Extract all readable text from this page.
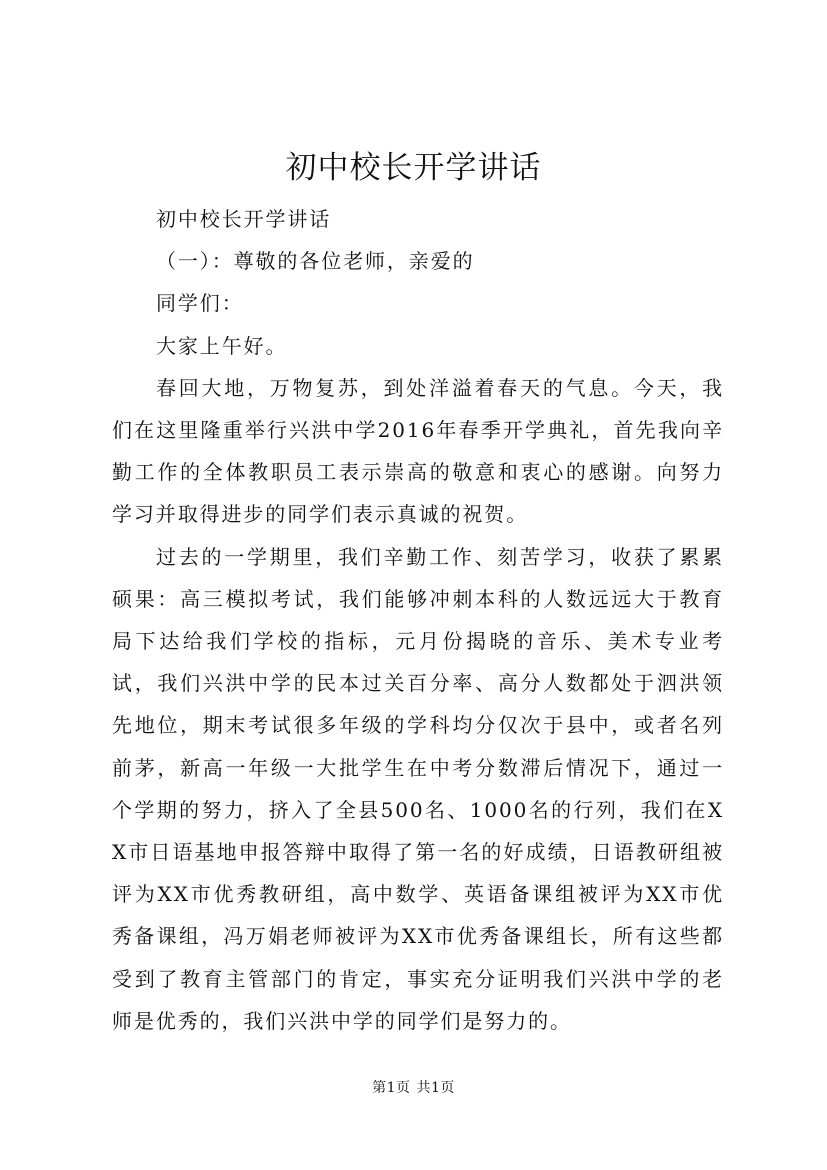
初中校长开学讲话

初中校长开学讲话

（一）：尊敬的各位老师，亲爱的

同学们：

大家上午好。

春回大地，万物复苏，到处洋溢着春天的气息。今天，我们在这里隆重举行兴洪中学2016年春季开学典礼，首先我向辛勤工作的全体教职员工表示崇高的敬意和衷心的感谢。向努力学习并取得进步的同学们表示真诚的祝贺。

过去的一学期里，我们辛勤工作、刻苦学习，收获了累累硕果：高三模拟考试，我们能够冲刺本科的人数远远大于教育局下达给我们学校的指标，元月份揭晓的音乐、美术专业考试，我们兴洪中学的民本过关百分率、高分人数都处于泗洪领先地位，期末考试很多年级的学科均分仅次于县中，或者名列前茅，新高一年级一大批学生在中考分数滞后情况下，通过一个学期的努力，挤入了全县500名、1000名的行列，我们在XX市日语基地申报答辩中取得了第一名的好成绩，日语教研组被评为XX市优秀教研组，高中数学、英语备课组被评为XX市优秀备课组，冯万娟老师被评为XX市优秀备课组长，所有这些都受到了教育主管部门的肯定，事实充分证明我们兴洪中学的老师是优秀的，我们兴洪中学的同学们是努力的。

第1页 共1页
